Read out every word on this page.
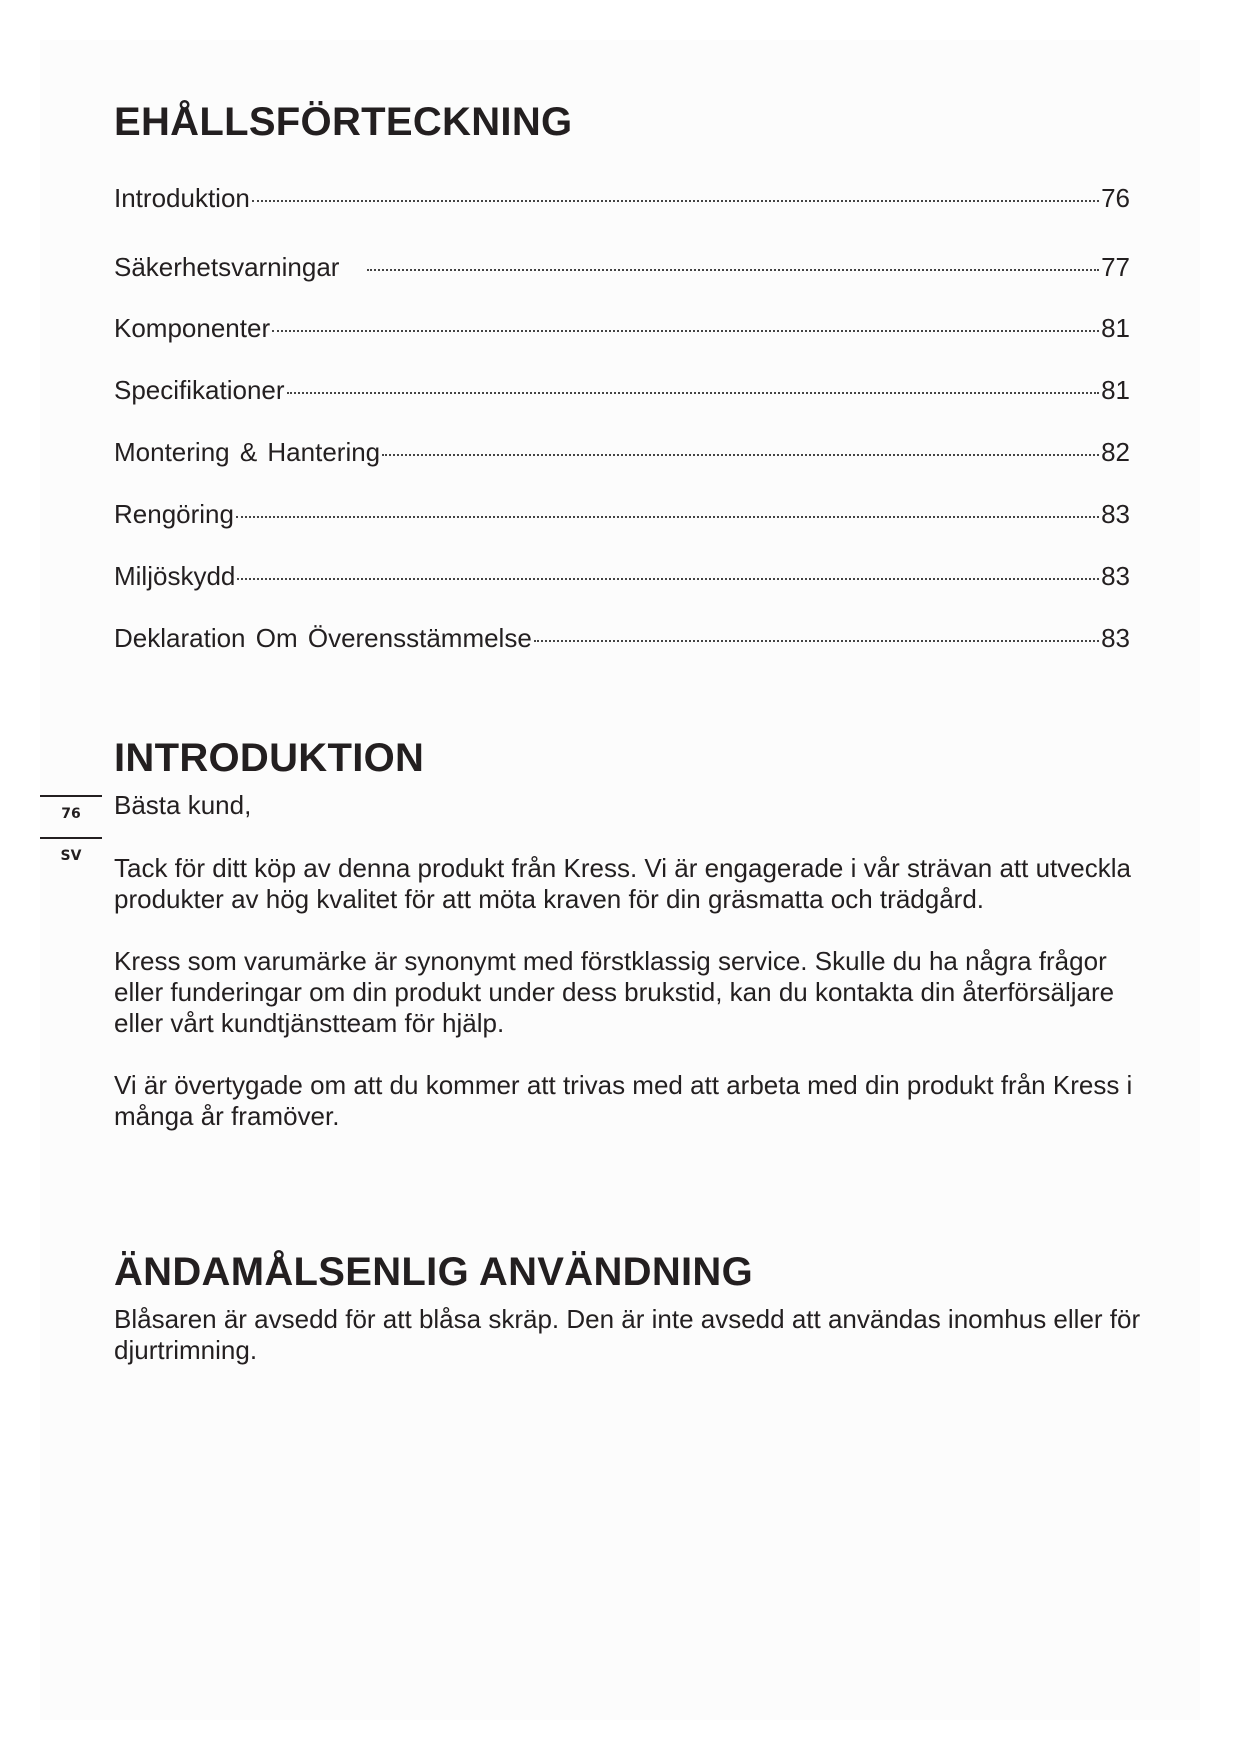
EHÅLLSFÖRTECKNING
Introduktion	76
Säkerhetsvarningar	77
Komponenter	81
Specifikationer	81
Montering & Hantering	82
Rengöring	83
Miljöskydd	83
Deklaration Om Överensstämmelse	83
INTRODUKTION
76
SV

Bästa kund,

Tack för ditt köp av denna produkt från Kress. Vi är engagerade i vår strävan att utveckla produkter av hög kvalitet för att möta kraven för din gräsmatta och trädgård.

Kress som varumärke är synonymt med förstklassig service. Skulle du ha några frågor eller funderingar om din produkt under dess brukstid, kan du kontakta din återförsäljare eller vårt kundtjänstteam för hjälp.

Vi är övertygade om att du kommer att trivas med att arbeta med din produkt från Kress i många år framöver.

ÄNDAMÅLSENLIG ANVÄNDNING

Blåsaren är avsedd för att blåsa skräp. Den är inte avsedd att användas inomhus eller för djurtrimning.
